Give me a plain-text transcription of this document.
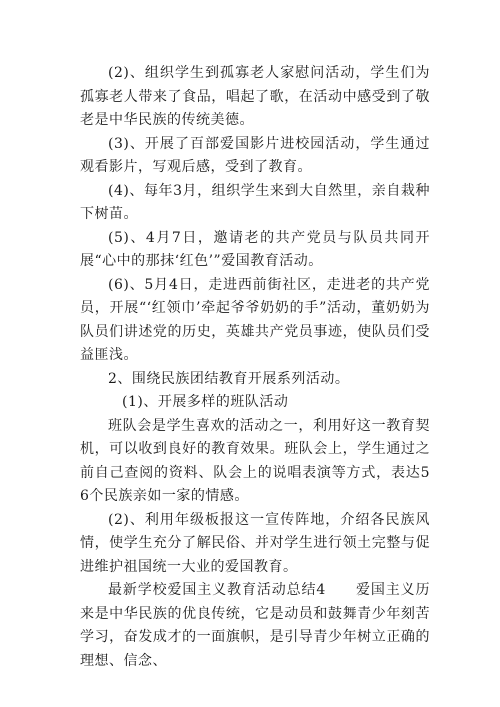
(2)、组织学生到孤寡老人家慰问活动，学生们为孤寡老人带来了食品，唱起了歌，在活动中感受到了敬老是中华民族的传统美德。

(3)、开展了百部爱国影片进校园活动，学生通过观看影片，写观后感，受到了教育。

(4)、每年3月，组织学生来到大自然里，亲自栽种下树苗。

(5)、4月7日，邀请老的共产党员与队员共同开展“心中的那抹‘红色’”爱国教育活动。

(6)、5月4日，走进西前街社区，走进老的共产党员，开展“‘红领巾’牵起爷爷奶奶的手”活动，董奶奶为队员们讲述党的历史，英雄共产党员事迹，使队员们受益匪浅。

2、围绕民族团结教育开展系列活动。

(1)、开展多样的班队活动

班队会是学生喜欢的活动之一，利用好这一教育契机，可以收到良好的教育效果。班队会上，学生通过之前自己查阅的资料、队会上的说唱表演等方式，表达56个民族亲如一家的情感。

(2)、利用年级板报这一宣传阵地，介绍各民族风情，使学生充分了解民俗、并对学生进行领土完整与促进维护祖国统一大业的爱国教育。

最新学校爱国主义教育活动总结4　　爱国主义历来是中华民族的优良传统，它是动员和鼓舞青少年刻苦学习，奋发成才的一面旗帜，是引导青少年树立正确的理想、信念、
